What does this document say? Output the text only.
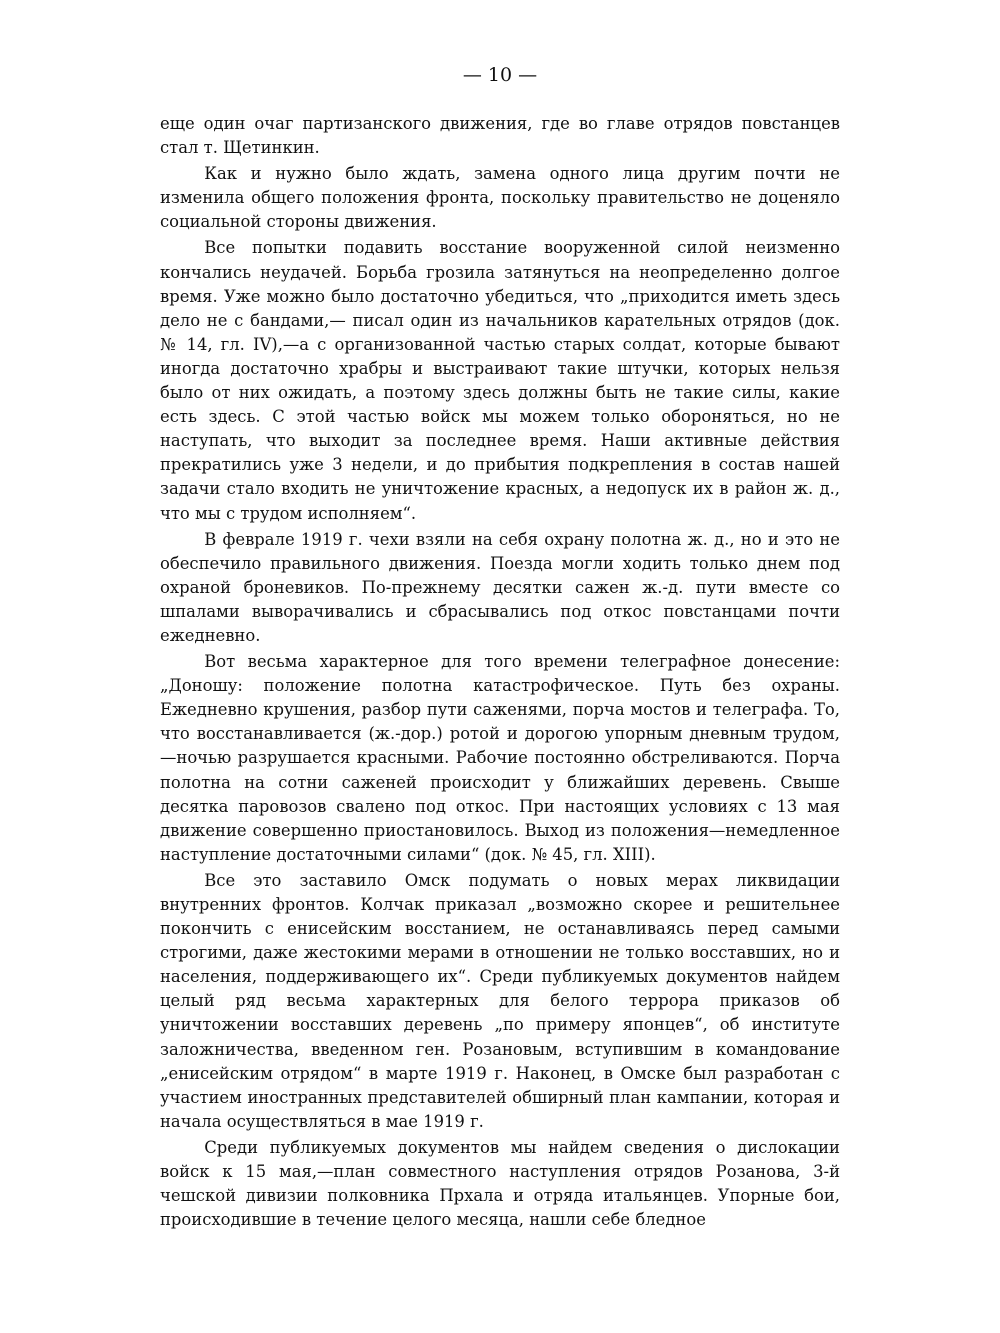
— 10 —

еще один очаг партизанского движения, где во главе отрядов повстанцев стал т. Щетинкин.

Как и нужно было ждать, замена одного лица другим почти не изменила общего положения фронта, поскольку правительство не доценяло социальной стороны движения.

Все попытки подавить восстание вооруженной силой неизменно кончались неудачей. Борьба грозила затянуться на неопределенно долгое время. Уже можно было достаточно убедиться, что „приходится иметь здесь дело не с бандами,— писал один из начальников карательных отрядов (док. № 14, гл. IV),—а с организованной частью старых солдат, которые бывают иногда достаточно храбры и выстраивают такие штучки, которых нельзя было от них ожидать, а поэтому здесь должны быть не такие силы, какие есть здесь. С этой частью войск мы можем только обороняться, но не наступать, что выходит за последнее время. Наши активные действия прекратились уже 3 недели, и до прибытия подкрепления в состав нашей задачи стало входить не уничтожение красных, а недопуск их в район ж. д., что мы с трудом исполняем“.

В феврале 1919 г. чехи взяли на себя охрану полотна ж. д., но и это не обеспечило правильного движения. Поезда могли ходить только днем под охраной броневиков. По-прежнему десятки сажен ж.-д. пути вместе со шпалами выворачивались и сбрасывались под откос повстанцами почти ежедневно.

Вот весьма характерное для того времени телеграфное донесение: „Доношу: положение полотна катастрофическое. Путь без охраны. Ежедневно крушения, разбор пути саженями, порча мостов и телеграфа. То, что восстанавливается (ж.-дор.) ротой и дорогою упорным дневным трудом,—ночью разрушается красными. Рабочие постоянно обстреливаются. Порча полотна на сотни саженей происходит у ближайших деревень. Свыше десятка паровозов свалено под откос. При настоящих условиях с 13 мая движение совершенно приостановилось. Выход из положения—немедленное наступление достаточными силами“ (док. № 45, гл. XIII).

Все это заставило Омск подумать о новых мерах ликвидации внутренних фронтов. Колчак приказал „возможно скорее и решительнее покончить с енисейским восстанием, не останавливаясь перед самыми строгими, даже жестокими мерами в отношении не только восставших, но и населения, поддерживающего их“. Среди публикуемых документов найдем целый ряд весьма характерных для белого террора приказов об уничтожении восставших деревень „по примеру японцев“, об институте заложничества, введенном ген. Розановым, вступившим в командование „енисейским отрядом“ в марте 1919 г. Наконец, в Омске был разработан с участием иностранных представителей обширный план кампании, которая и начала осуществляться в мае 1919 г.

Среди публикуемых документов мы найдем сведения о дислокации войск к 15 мая,—план совместного наступления отрядов Розанова, 3-й чешской дивизии полковника Прхала и отряда итальянцев. Упорные бои, происходившие в течение целого месяца, нашли себе бледное
